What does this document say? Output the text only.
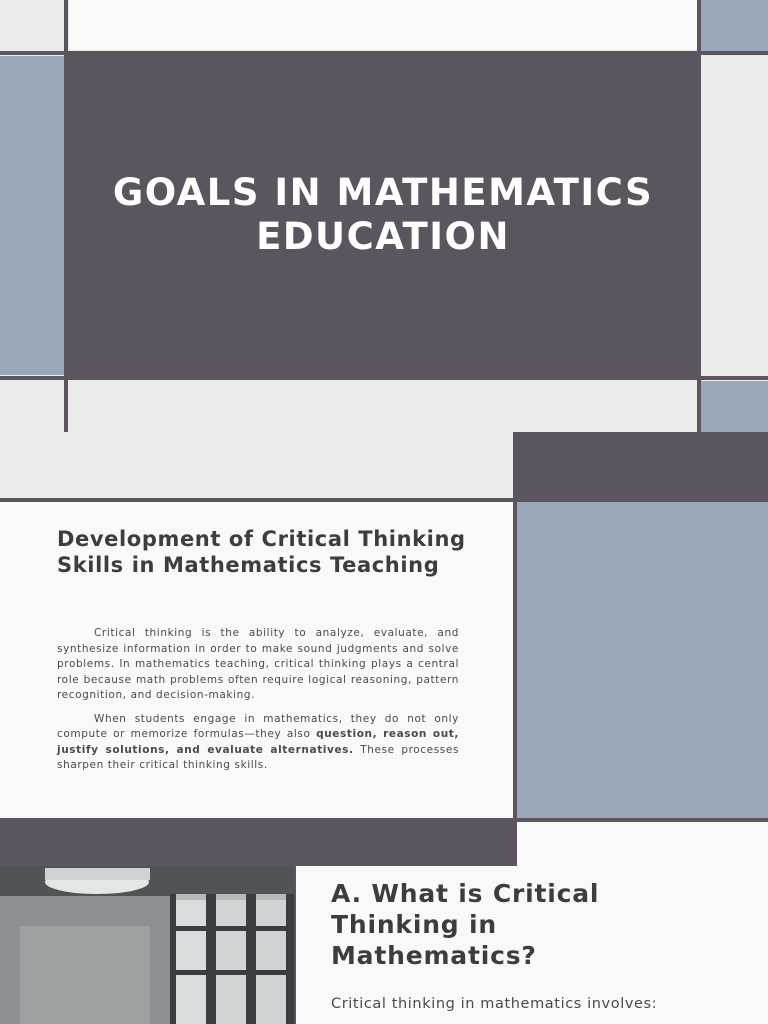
GOALS IN MATHEMATICS EDUCATION
Development of Critical Thinking Skills in Mathematics Teaching

Critical thinking is the ability to analyze, evaluate, and synthesize information in order to make sound judgments and solve problems. In mathematics teaching, critical thinking plays a central role because math problems often require logical reasoning, pattern recognition, and decision-making.

When students engage in mathematics, they do not only compute or memorize formulas—they also question, reason out, justify solutions, and evaluate alternatives. These processes sharpen their critical thinking skills.

A. What is Critical Thinking in Mathematics?

Critical thinking in mathematics involves:
